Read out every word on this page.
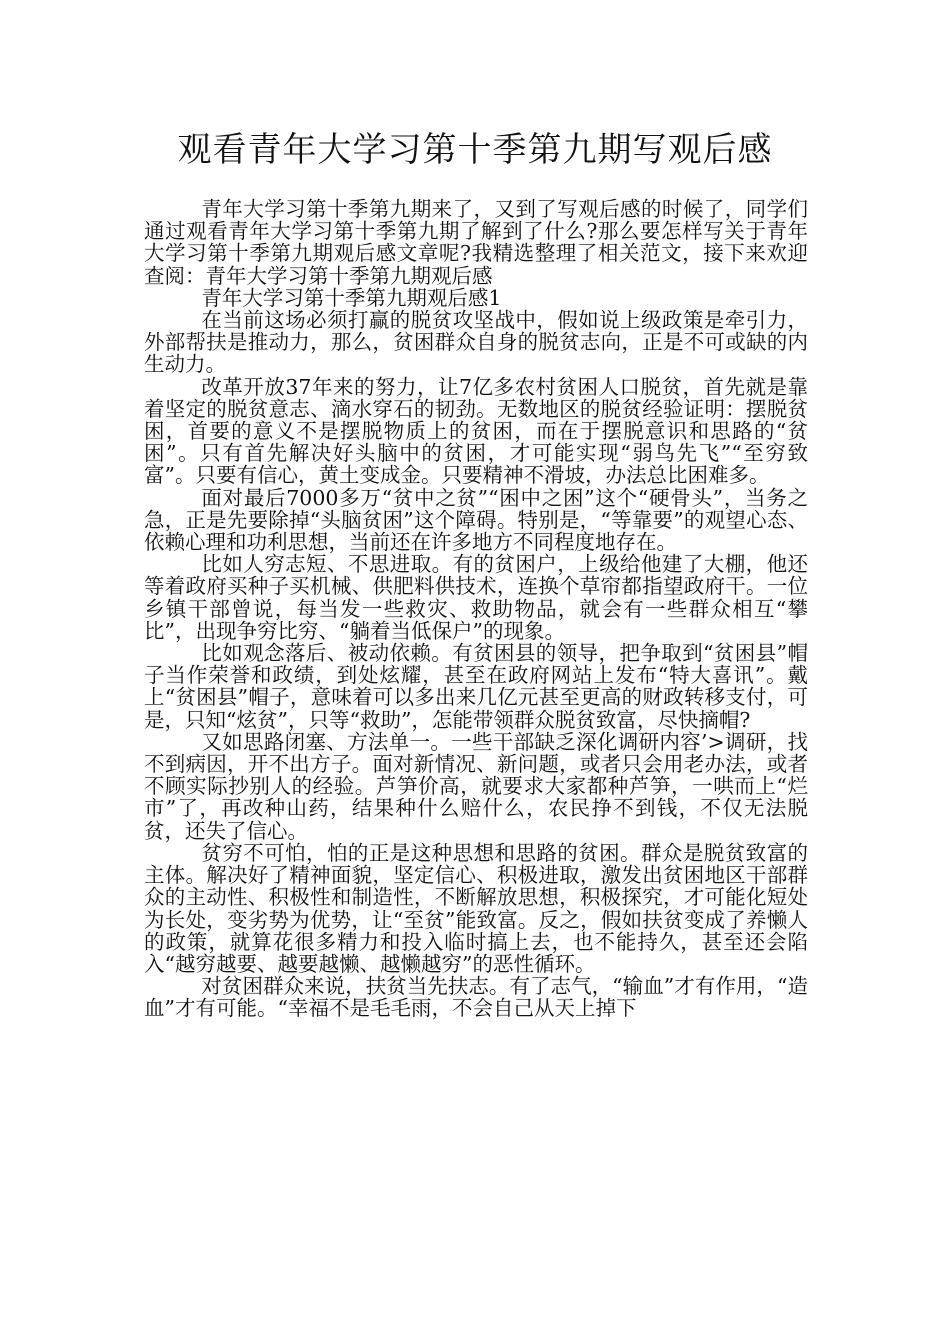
观看青年大学习第十季第九期写观后感

青年大学习第十季第九期来了，又到了写观后感的时候了，同学们通过观看青年大学习第十季第九期了解到了什么?那么要怎样写关于青年大学习第十季第九期观后感文章呢?我精选整理了相关范文，接下来欢迎查阅：青年大学习第十季第九期观后感

青年大学习第十季第九期观后感1

在当前这场必须打赢的脱贫攻坚战中，假如说上级政策是牵引力，外部帮扶是推动力，那么，贫困群众自身的脱贫志向，正是不可或缺的内生动力。

改革开放37年来的努力，让7亿多农村贫困人口脱贫，首先就是靠着坚定的脱贫意志、滴水穿石的韧劲。无数地区的脱贫经验证明：摆脱贫困，首要的意义不是摆脱物质上的贫困，而在于摆脱意识和思路的“贫困”。只有首先解决好头脑中的贫困，才可能实现“弱鸟先飞”“至穷致富”。只要有信心，黄土变成金。只要精神不滑坡，办法总比困难多。

面对最后7000多万“贫中之贫”“困中之困”这个“硬骨头”，当务之急，正是先要除掉“头脑贫困”这个障碍。特别是，“等靠要”的观望心态、依赖心理和功利思想，当前还在许多地方不同程度地存在。

比如人穷志短、不思进取。有的贫困户，上级给他建了大棚，他还等着政府买种子买机械、供肥料供技术，连换个草帘都指望政府干。一位乡镇干部曾说，每当发一些救灾、救助物品，就会有一些群众相互“攀比”，出现争穷比穷、“躺着当低保户”的现象。

比如观念落后、被动依赖。有贫困县的领导，把争取到“贫困县”帽子当作荣誉和政绩，到处炫耀，甚至在政府网站上发布“特大喜讯”。戴上“贫困县”帽子，意味着可以多出来几亿元甚至更高的财政转移支付，可是，只知“炫贫”，只等“救助”，怎能带领群众脱贫致富，尽快摘帽?

又如思路闭塞、方法单一。一些干部缺乏深化调研内容’>调研，找不到病因，开不出方子。面对新情况、新问题，或者只会用老办法，或者不顾实际抄别人的经验。芦笋价高，就要求大家都种芦笋，一哄而上“烂市”了，再改种山药，结果种什么赔什么，农民挣不到钱，不仅无法脱贫，还失了信心。

贫穷不可怕，怕的正是这种思想和思路的贫困。群众是脱贫致富的主体。解决好了精神面貌，坚定信心、积极进取，激发出贫困地区干部群众的主动性、积极性和制造性，不断解放思想，积极探究，才可能化短处为长处，变劣势为优势，让“至贫”能致富。反之，假如扶贫变成了养懒人的政策，就算花很多精力和投入临时搞上去，也不能持久，甚至还会陷入“越穷越要、越要越懒、越懒越穷”的恶性循环。

对贫困群众来说，扶贫当先扶志。有了志气，“输血”才有作用，“造血”才有可能。“幸福不是毛毛雨，不会自己从天上掉下
